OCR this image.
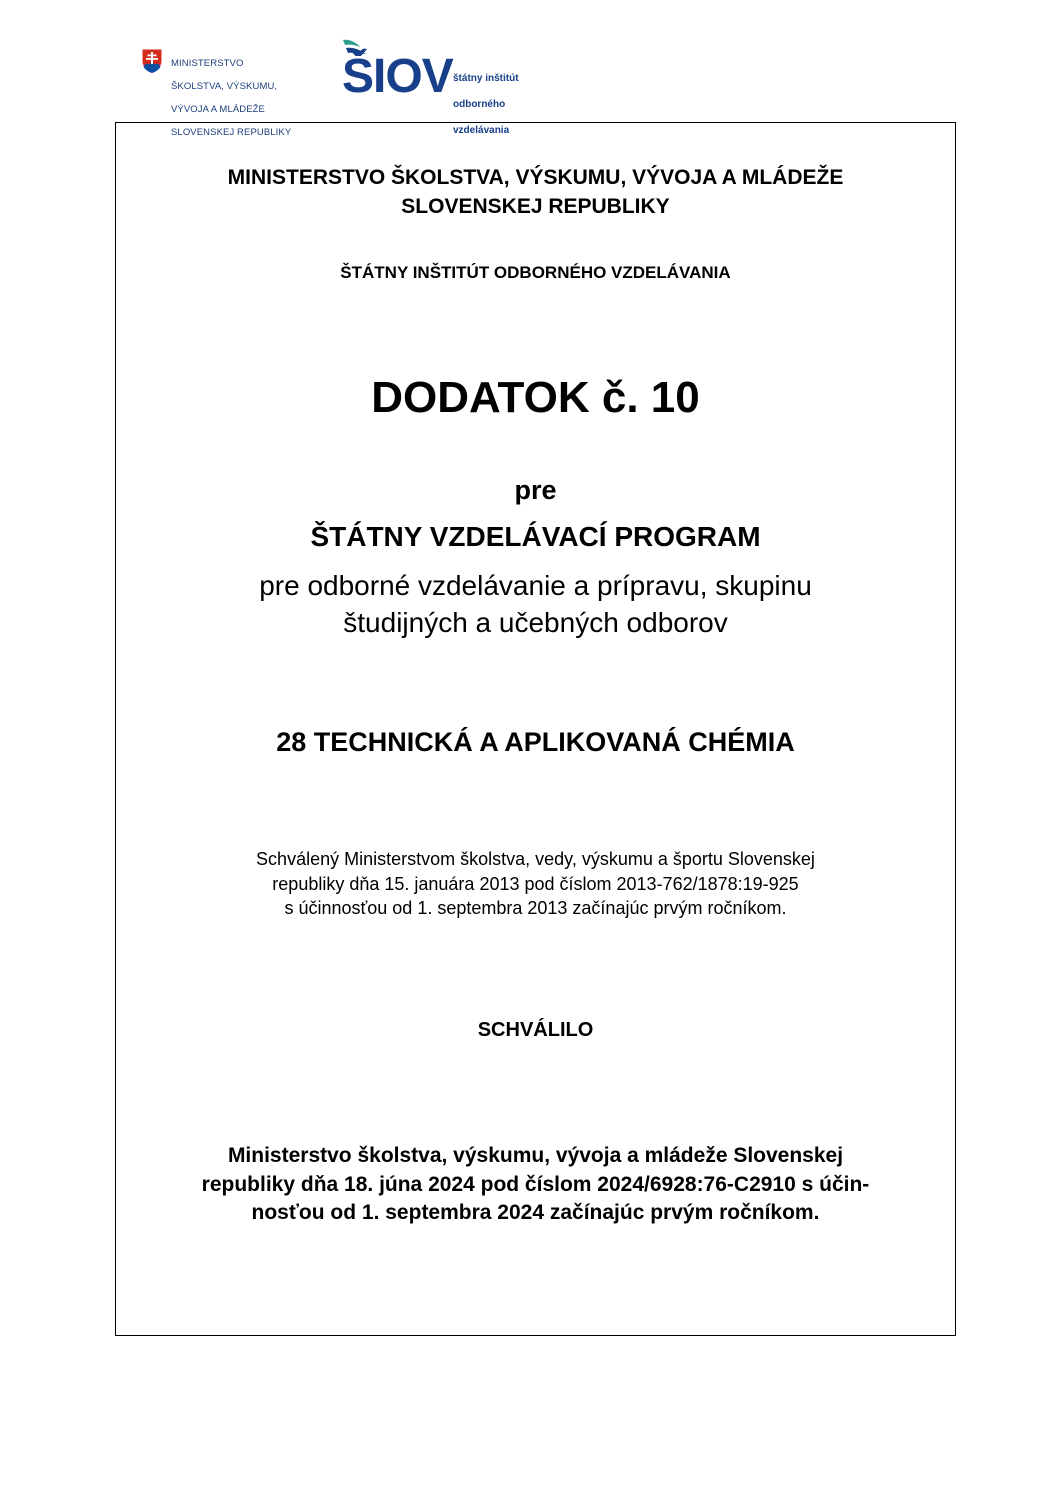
MINISTERSTVO

ŠKOLSTVA, VÝSKUMU,

VÝVOJA A MLÁDEŽE

SLOVENSKEJ REPUBLIKY

ŠIOV štátny inštitút

odborného

vzdelávania

MINISTERSTVO ŠKOLSTVA, VÝSKUMU, VÝVOJA A MLÁDEŽE
SLOVENSKEJ REPUBLIKY
ŠTÁTNY INŠTITÚT ODBORNÉHO VZDELÁVANIA
DODATOK č. 10
pre
ŠTÁTNY VZDELÁVACÍ PROGRAM
pre odborné vzdelávanie a prípravu, skupinu
študijných a učebných odborov
28 TECHNICKÁ A APLIKOVANÁ CHÉMIA
Schválený Ministerstvom školstva, vedy, výskumu a športu Slovenskej
republiky dňa 15. januára 2013 pod číslom 2013-762/1878:19-925
s účinnosťou od 1. septembra 2013 začínajúc prvým ročníkom.
SCHVÁLILO
Ministerstvo školstva, výskumu, vývoja a mládeže Slovenskej
republiky dňa 18. júna 2024 pod číslom 2024/6928:76-C2910 s účin-
nosťou od 1. septembra 2024 začínajúc prvým ročníkom.
